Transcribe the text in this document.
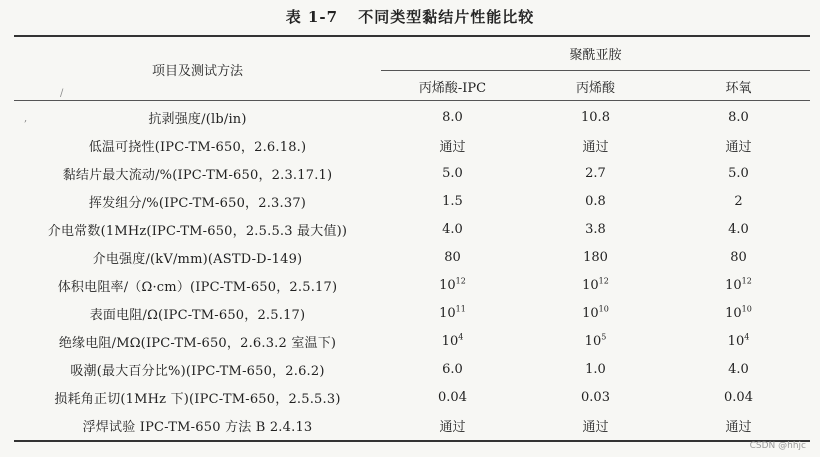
表 1-7 不同类型黏结片性能比较
项目及测试方法
聚酰亚胺
丙烯酸-IPC	丙烯酸	环氧
/
,	抗剥强度/(lb/in)	8.0	10.8	8.0
低温可挠性(IPC-TM-650，2.6.18.)	通过	通过	通过
黏结片最大流动/%(IPC-TM-650，2.3.17.1)	5.0	2.7	5.0
挥发组分/%(IPC-TM-650，2.3.37)	1.5	0.8	2
介电常数(1MHz(IPC-TM-650，2.5.5.3 最大值))	4.0	3.8	4.0
介电强度/(kV/mm)(ASTD-D-149)	80	180	80
体积电阻率/（Ω·cm）(IPC-TM-650，2.5.17)	$10^{12}$	$10^{12}$	$10^{12}$
表面电阻/Ω(IPC-TM-650，2.5.17)	$10^{11}$	$10^{10}$	$10^{10}$
绝缘电阻/MΩ(IPC-TM-650，2.6.3.2 室温下)	$10^4$	$10^5$	$10^4$
吸潮(最大百分比%)(IPC-TM-650，2.6.2)	6.0	1.0	4.0
损耗角正切(1MHz 下)(IPC-TM-650，2.5.5.3)	0.04	0.03	0.04
浮焊试验 IPC-TM-650 方法 B 2.4.13	通过	通过	通过
CSDN @hhjc
